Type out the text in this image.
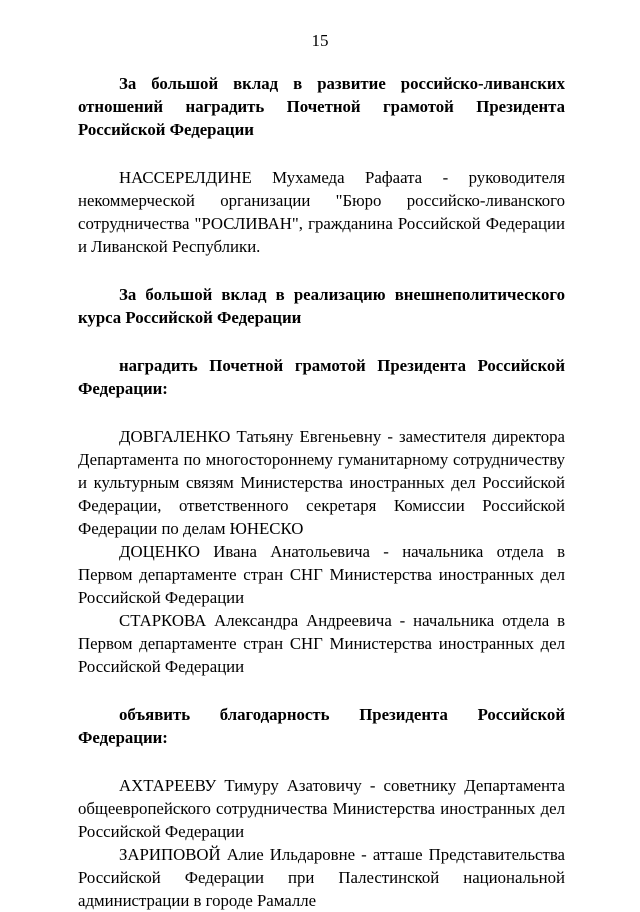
15

За большой вклад в развитие российско-ливанских отношений наградить Почетной грамотой Президента Российской Федерации

НАССЕРЕЛДИНЕ Мухамеда Рафаата - руководителя некоммерческой организации "Бюро российско-ливанского сотрудничества "РОСЛИВАН", гражданина Российской Федерации и Ливанской Республики.

За большой вклад в реализацию внешнеполитического курса Российской Федерации

наградить Почетной грамотой Президента Российской Федерации:

ДОВГАЛЕНКО Татьяну Евгеньевну - заместителя директора Департамента по многостороннему гуманитарному сотрудничеству и культурным связям Министерства иностранных дел Российской Федерации, ответственного секретаря Комиссии Российской Федерации по делам ЮНЕСКО

ДОЦЕНКО Ивана Анатольевича - начальника отдела в Первом департаменте стран СНГ Министерства иностранных дел Российской Федерации

СТАРКОВА Александра Андреевича - начальника отдела в Первом департаменте стран СНГ Министерства иностранных дел Российской Федерации

объявить благодарность Президента Российской Федерации:

АХТАРЕЕВУ Тимуру Азатовичу - советнику Департамента общеевропейского сотрудничества Министерства иностранных дел Российской Федерации

ЗАРИПОВОЙ Алие Ильдаровне - атташе Представительства Российской Федерации при Палестинской национальной администрации в городе Рамалле
